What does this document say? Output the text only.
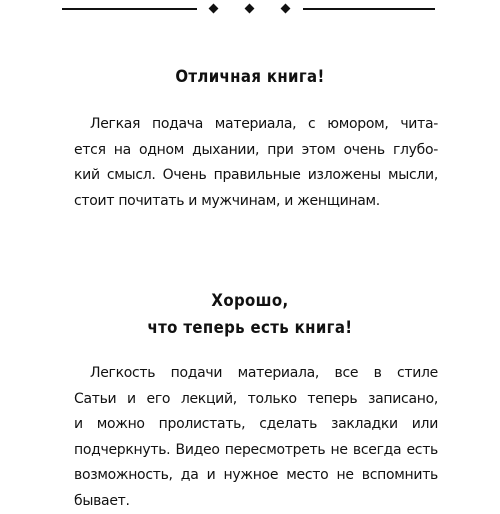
Отличная книга!

Легкая подача материала, с юмором, чита-
ется на одном дыхании, при этом очень глубо-
кий смысл. Очень правильные изложены мысли,
стоит почитать и мужчинам, и женщинам.

Хорошо,
что теперь есть книга!

Легкость подачи материала, все в стиле
Сатьи и его лекций, только теперь записано,
и можно пролистать, сделать закладки или
подчеркнуть. Видео пересмотреть не всегда есть
возможность, да и нужное место не вспомнить
бывает.
